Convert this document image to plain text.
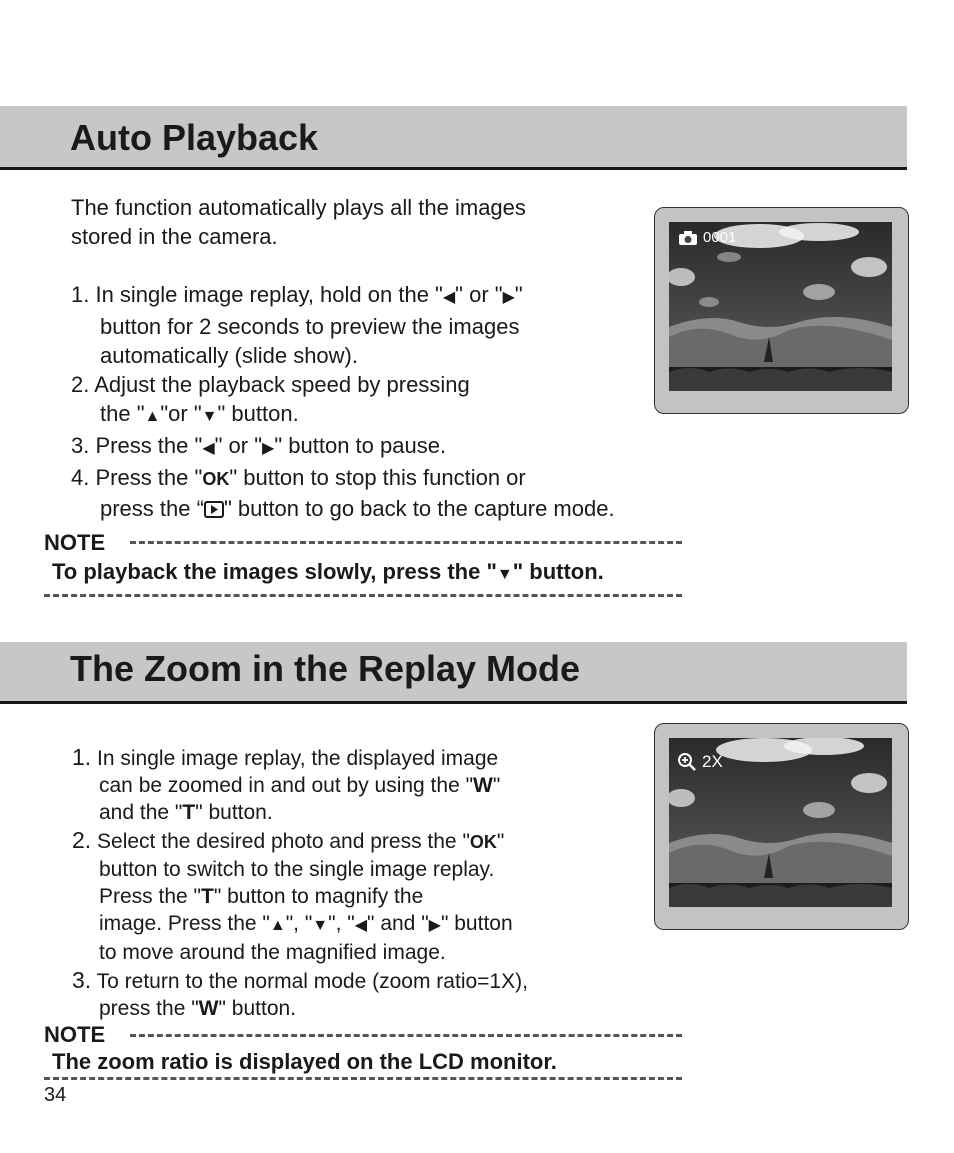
Auto Playback
The function automatically plays all the images
stored in the camera.

1. In single image replay, hold on the "◀" or "▶"
button for 2 seconds to preview the images
automatically (slide show).
2. Adjust the playback speed by pressing
the "▲"or "▼" button.
3. Press the "◀" or "▶" button to pause.
4. Press the "OK" button to stop this function or
press the “ " button to go back to the capture mode.
0001
NOTE
To playback the images slowly, press the "▼" button.
The Zoom in the Replay Mode
1. In single image replay, the displayed image
can be zoomed in and out by using the "W"
and the "T" button.
2. Select the desired photo and press the "OK"
button to switch to the single image replay.
Press the "T" button to magnify the
image. Press the "▲", "▼", "◀" and "▶" button
to move around the magnified image.
3. To return to the normal mode (zoom ratio=1X),
press the "W" button.
2X
NOTE
The zoom ratio is displayed on the LCD monitor.
34
